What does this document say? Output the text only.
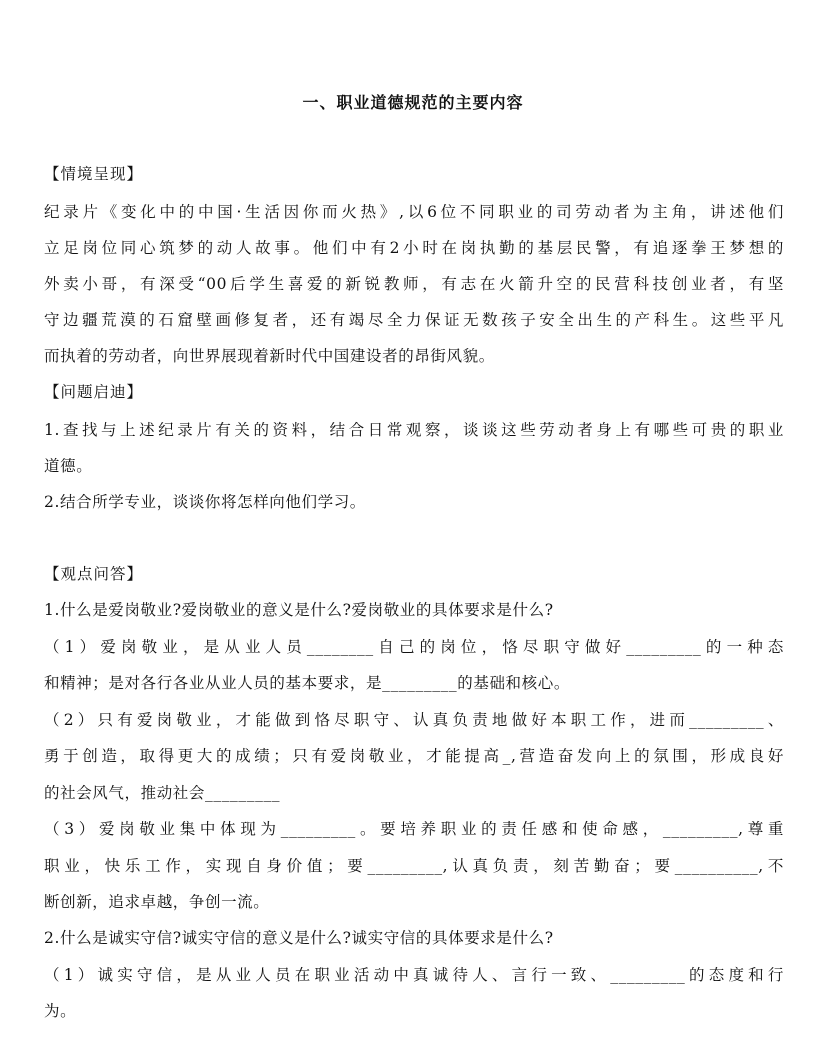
一、职业道德规范的主要内容
【情境呈现】
纪录片《变化中的中国·生活因你而火热》,以6位不同职业的司劳动者为主角，讲述他们
立足岗位同心筑梦的动人故事。他们中有2小时在岗执勤的基层民警，有追逐拳王梦想的
外卖小哥，有深受“00后学生喜爱的新锐教师，有志在火箭升空的民营科技创业者，有坚
守边疆荒漠的石窟壁画修复者，还有竭尽全力保证无数孩子安全出生的产科生。这些平凡
而执着的劳动者，向世界展现着新时代中国建设者的昂街风貌。
【问题启迪】
1.查找与上述纪录片有关的资料，结合日常观察，谈谈这些劳动者身上有哪些可贵的职业
道德。
2.结合所学专业，谈谈你将怎样向他们学习。
【观点问答】
1.什么是爱岗敬业?爱岗敬业的意义是什么?爱岗敬业的具体要求是什么?
（1）爱岗敬业，是从业人员________自己的岗位，恪尽职守做好_________的一种态
和精神；是对各行各业从业人员的基本要求，是_________的基础和核心。
（2）只有爱岗敬业，才能做到恪尽职守、认真负责地做好本职工作，进而_________、
勇于创造，取得更大的成绩；只有爱岗敬业，才能提高_,营造奋发向上的氛围，形成良好
的社会风气，推动社会_________
（3）爱岗敬业集中体现为_________。要培养职业的责任感和使命感，_________,尊重
职业，快乐工作，实现自身价值；要_________,认真负责，刻苦勤奋；要__________,不
断创新，追求卓越，争创一流。
2.什么是诚实守信?诚实守信的意义是什么?诚实守信的具体要求是什么?
（1）诚实守信，是从业人员在职业活动中真诚待人、言行一致、_________的态度和行
为。
